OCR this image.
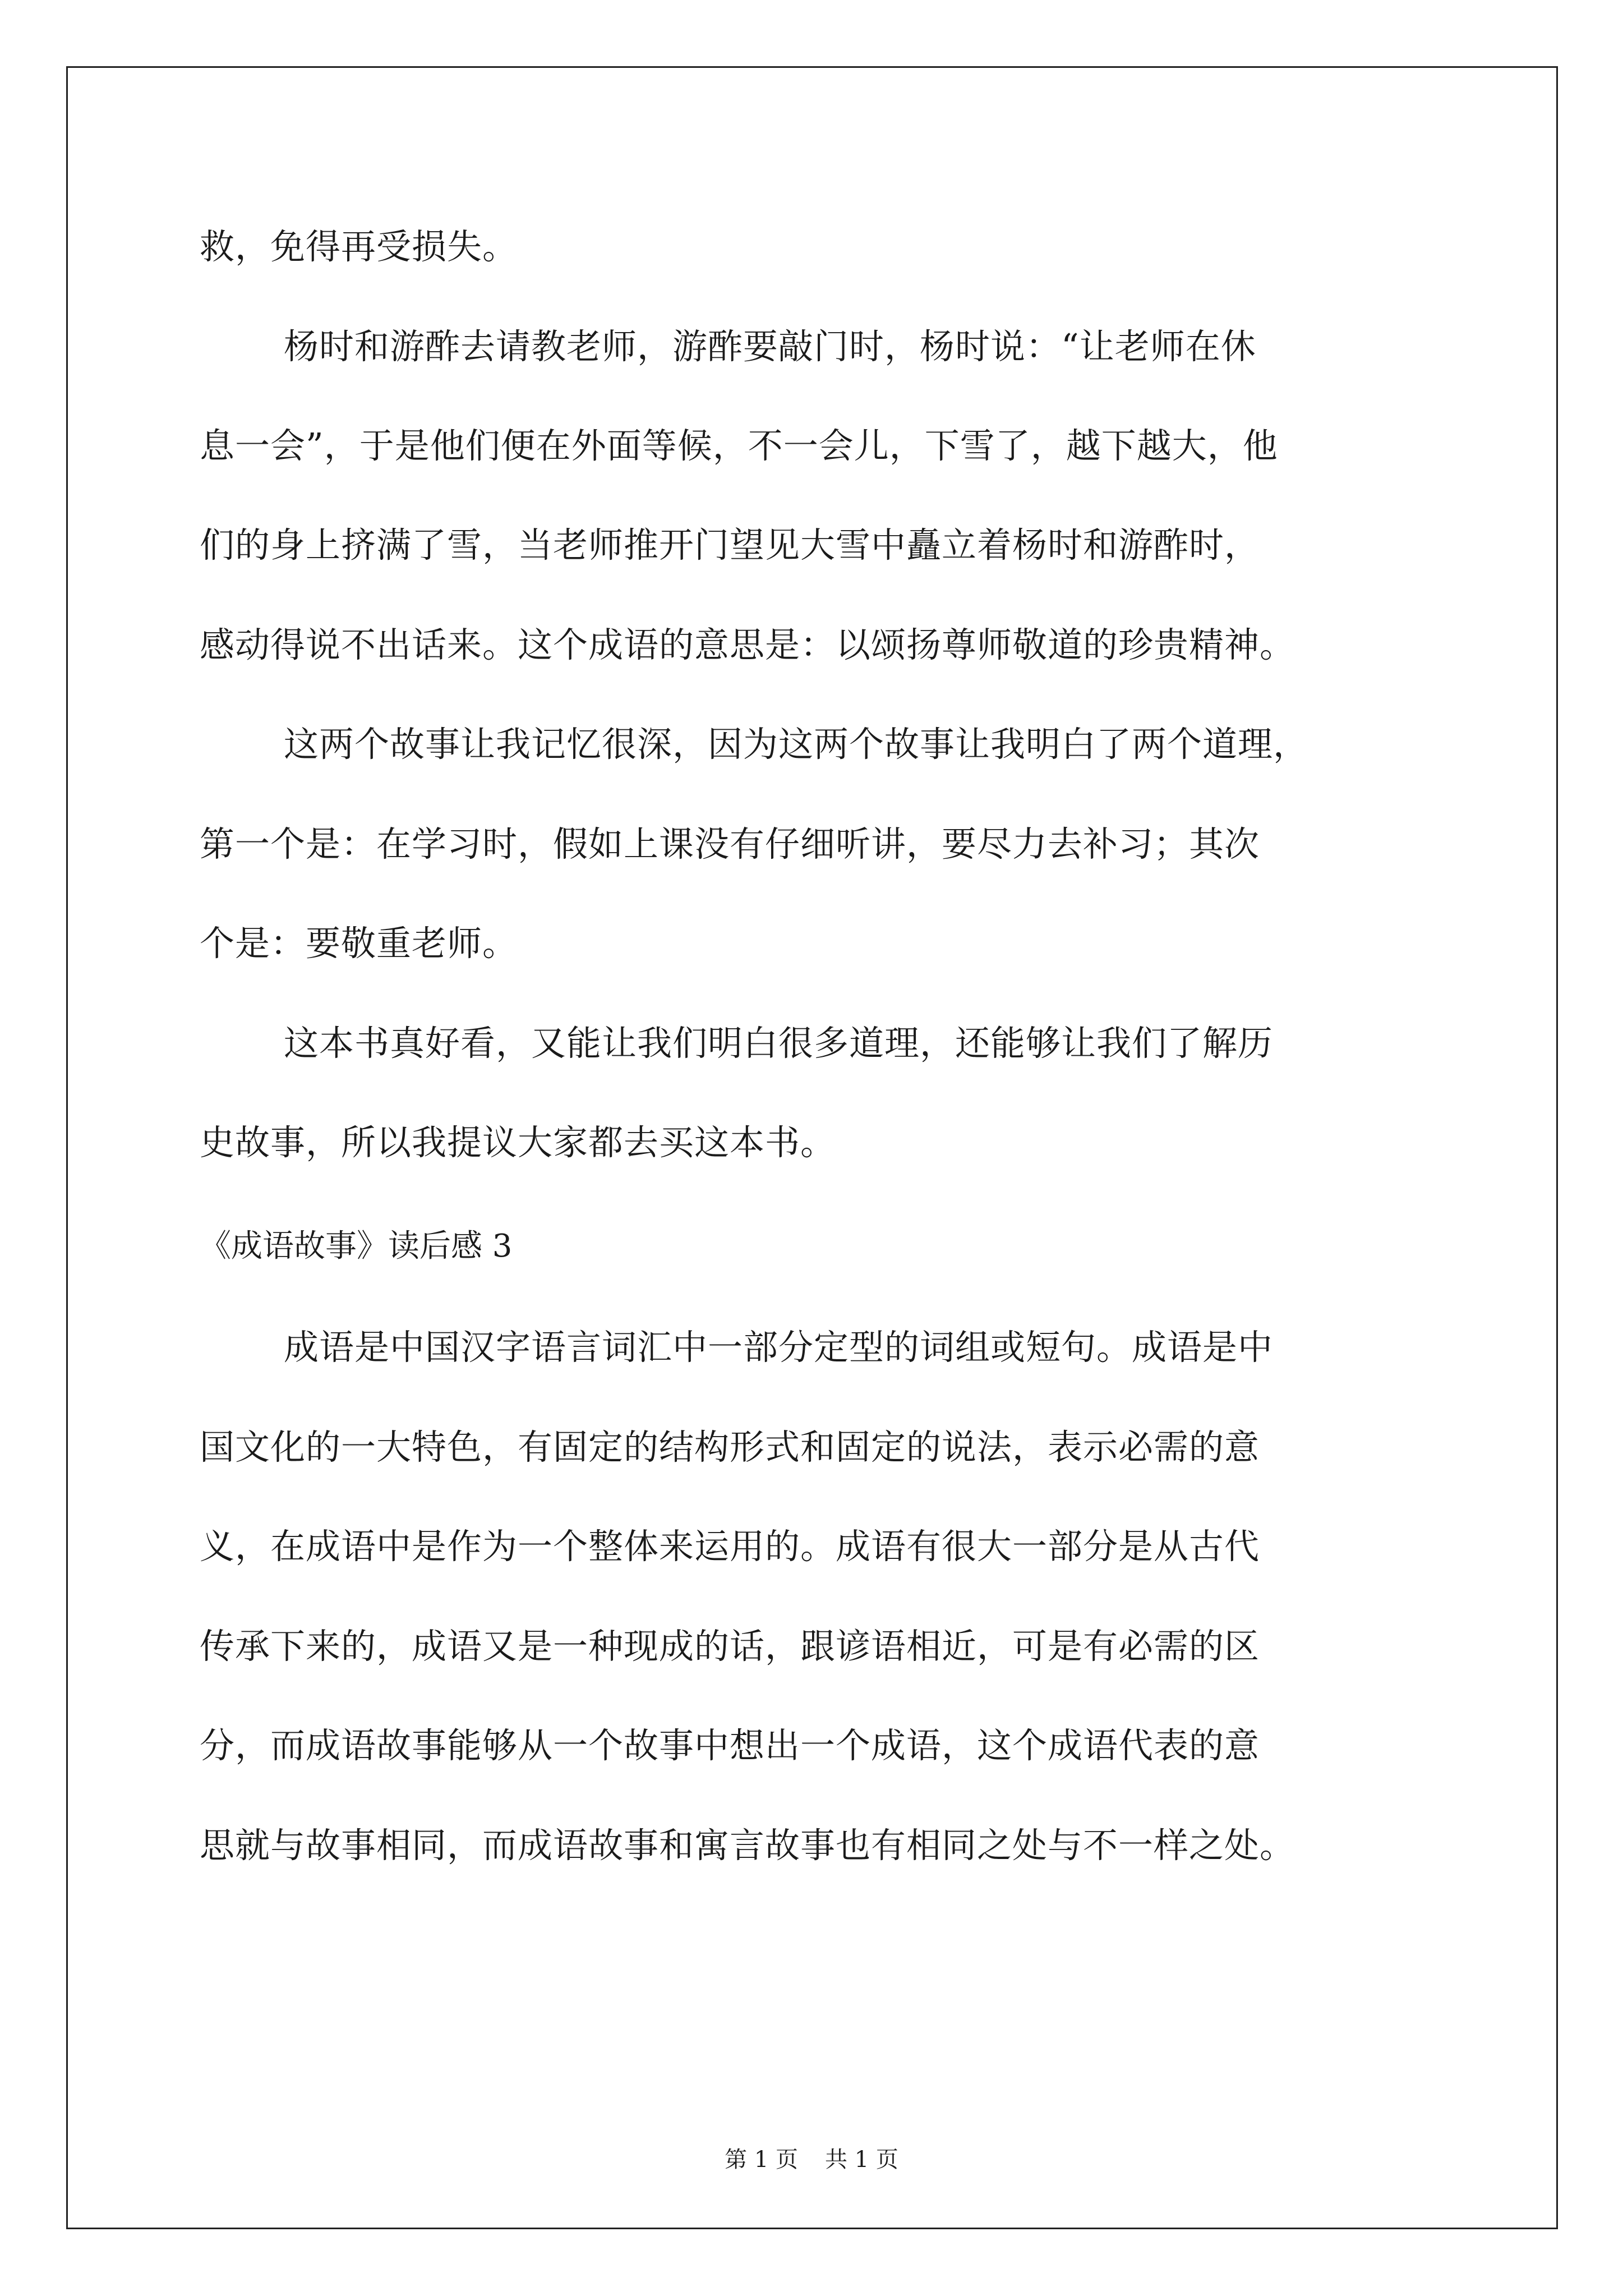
救，免得再受损失。
杨时和游酢去请教老师，游酢要敲门时，杨时说：“让老师在休
息一会”，于是他们便在外面等候，不一会儿，下雪了，越下越大，他
们的身上挤满了雪，当老师推开门望见大雪中矗立着杨时和游酢时，
感动得说不出话来。这个成语的意思是：以颂扬尊师敬道的珍贵精神。
这两个故事让我记忆很深，因为这两个故事让我明白了两个道理，
第一个是：在学习时，假如上课没有仔细听讲，要尽力去补习；其次
个是：要敬重老师。
这本书真好看，又能让我们明白很多道理，还能够让我们了解历
史故事，所以我提议大家都去买这本书。
《成语故事》读后感 3
成语是中国汉字语言词汇中一部分定型的词组或短句。成语是中
国文化的一大特色，有固定的结构形式和固定的说法，表示必需的意
义，在成语中是作为一个整体来运用的。成语有很大一部分是从古代
传承下来的，成语又是一种现成的话，跟谚语相近，可是有必需的区
分，而成语故事能够从一个故事中想出一个成语，这个成语代表的意
思就与故事相同，而成语故事和寓言故事也有相同之处与不一样之处。
第 1 页 共 1 页
